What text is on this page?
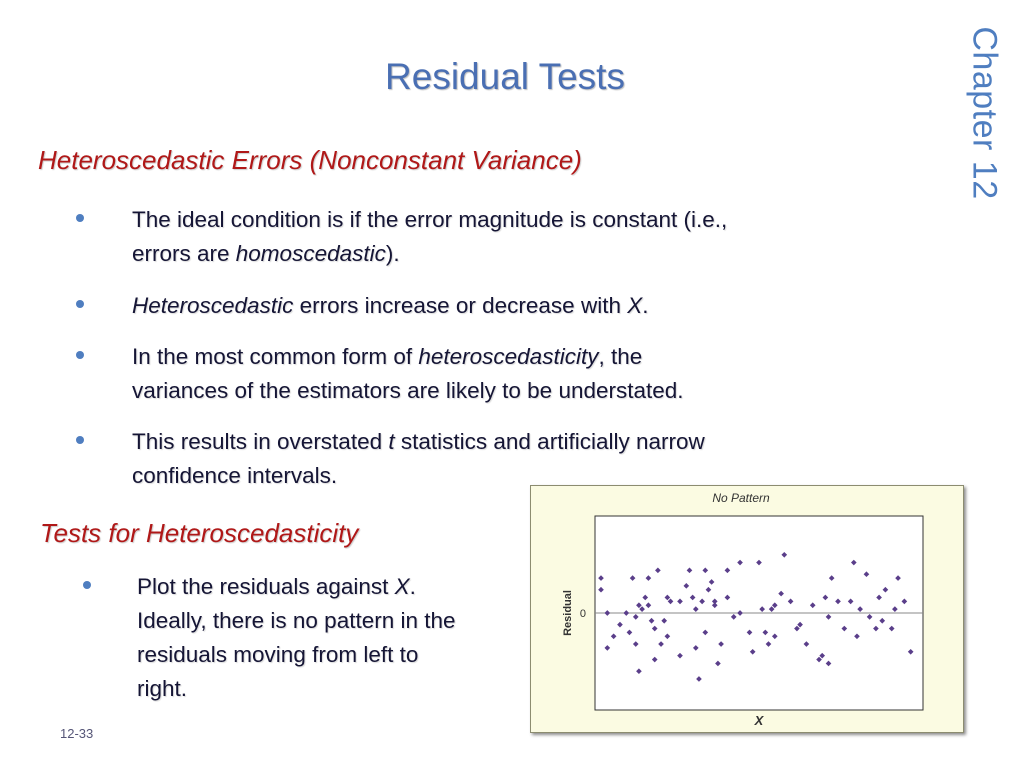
Chapter 12
Residual Tests
Heteroscedastic Errors (Nonconstant Variance)
The ideal condition is if the error magnitude is constant (i.e.,
errors are homoscedastic).
Heteroscedastic errors increase or decrease with X.
In the most common form of heteroscedasticity, the
variances of the estimators are likely to be understated.
This results in overstated t statistics and artificially narrow
confidence intervals.
Tests for Heteroscedasticity
Plot the residuals against X.
Ideally, there is no pattern in the
residuals moving from left to
right.
No Pattern
0
Residual
X
12-33
